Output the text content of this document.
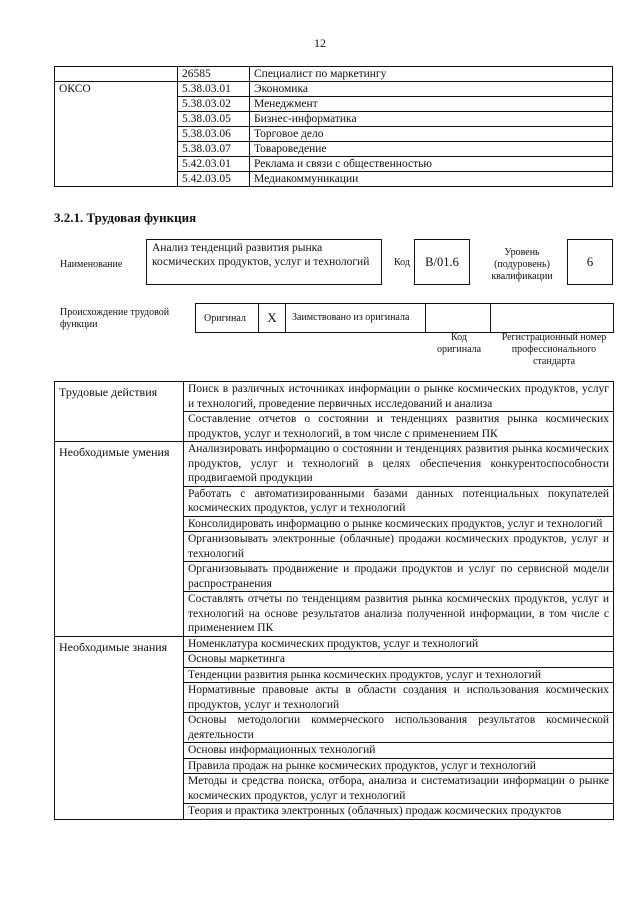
12
	26585	Специалист по маркетингу
ОКСО	5.38.03.01	Экономика
	5.38.03.02	Менеджмент
	5.38.03.05	Бизнес-информатика
	5.38.03.06	Торговое дело
	5.38.03.07	Товароведение
	5.42.03.01	Реклама и связи с общественностью
	5.42.03.05	Медиакоммуникации
3.2.1. Трудовая функция
Наименование
Анализ тенденций развития рынка космических продуктов, услуг и технологий	Код B/01.6
Уровень (подуровень) квалификации
6
Происхождение трудовой функции
Оригинал	X	Заимствовано из оригинала
Код оригинала
Регистрационный номер профессионального стандарта
Трудовые действия	Поиск в различных источниках информации о рынке космических продуктов, услуг и технологий, проведение первичных исследований и анализа
	Составление отчетов о состоянии и тенденциях развития рынка космических продуктов, услуг и технологий, в том числе с применением ПК
Необходимые умения	Анализировать информацию о состоянии и тенденциях развития рынка космических продуктов, услуг и технологий в целях обеспечения конкурентоспособности продвигаемой продукции
	Работать с автоматизированными базами данных потенциальных покупателей космических продуктов, услуг и технологий
	Консолидировать информацию о рынке космических продуктов, услуг и технологий
	Организовывать электронные (облачные) продажи космических продуктов, услуг и технологий
	Организовывать продвижение и продажи продуктов и услуг по сервисной модели распространения
	Составлять отчеты по тенденциям развития рынка космических продуктов, услуг и технологий на основе результатов анализа полученной информации, в том числе с применением ПК
Необходимые знания	Номенклатура космических продуктов, услуг и технологий
	Основы маркетинга
	Тенденции развития рынка космических продуктов, услуг и технологий
	Нормативные правовые акты в области создания и использования космических продуктов, услуг и технологий
	Основы методологии коммерческого использования результатов космической деятельности
	Основы информационных технологий
	Правила продаж на рынке космических продуктов, услуг и технологий
	Методы и средства поиска, отбора, анализа и систематизации информации о рынке космических продуктов, услуг и технологий
	Теория и практика электронных (облачных) продаж космических продуктов
